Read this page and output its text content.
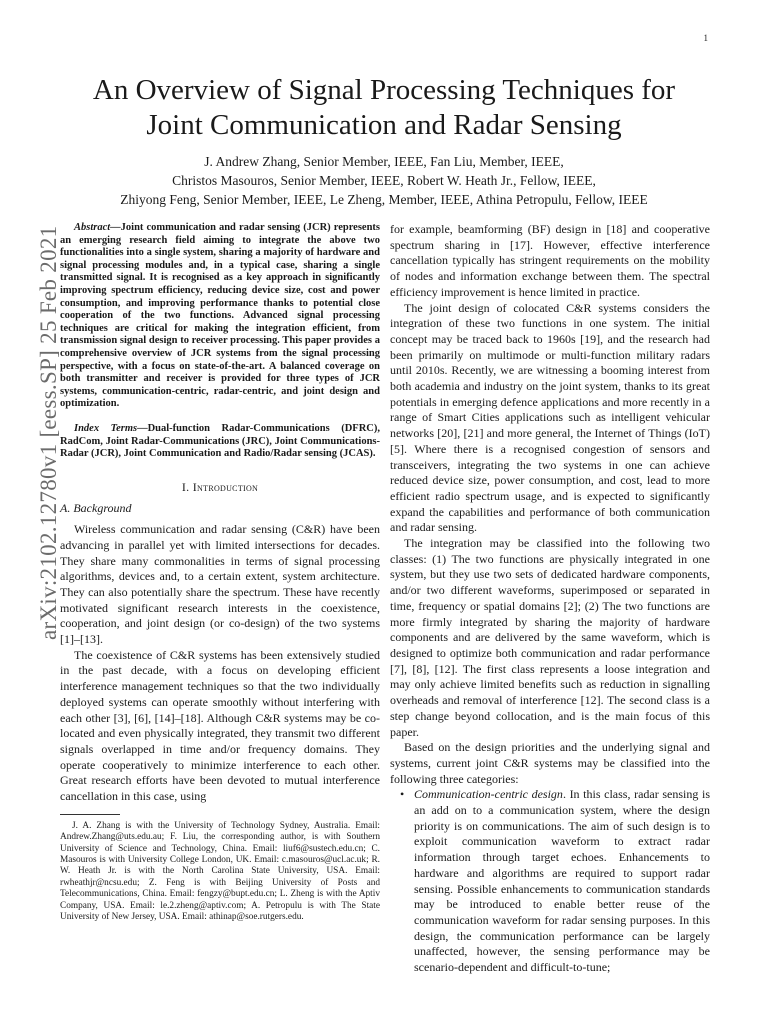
1
arXiv:2102.12780v1 [eess.SP] 25 Feb 2021
An Overview of Signal Processing Techniques for
Joint Communication and Radar Sensing
J. Andrew Zhang, Senior Member, IEEE, Fan Liu, Member, IEEE,
Christos Masouros, Senior Member, IEEE, Robert W. Heath Jr., Fellow, IEEE,
Zhiyong Feng, Senior Member, IEEE, Le Zheng, Member, IEEE, Athina Petropulu, Fellow, IEEE

Abstract—Joint communication and radar sensing (JCR) represents an emerging research field aiming to integrate the above two functionalities into a single system, sharing a majority of hardware and signal processing modules and, in a typical case, sharing a single transmitted signal. It is recognised as a key approach in significantly improving spectrum efficiency, reducing device size, cost and power consumption, and improving performance thanks to potential close cooperation of the two functions. Advanced signal processing techniques are critical for making the integration efficient, from transmission signal design to receiver processing. This paper provides a comprehensive overview of JCR systems from the signal processing perspective, with a focus on state-of-the-art. A balanced coverage on both transmitter and receiver is provided for three types of JCR systems, communication-centric, radar-centric, and joint design and optimization.

Index Terms—Dual-function Radar-Communications (DFRC), RadCom, Joint Radar-Communications (JRC), Joint Communications-Radar (JCR), Joint Communication and Radio/Radar sensing (JCAS).

I. Introduction
A. Background

Wireless communication and radar sensing (C&R) have been advancing in parallel yet with limited intersections for decades. They share many commonalities in terms of signal processing algorithms, devices and, to a certain extent, system architecture. They can also potentially share the spectrum. These have recently motivated significant research interests in the coexistence, cooperation, and joint design (or co-design) of the two systems [1]–[13].

The coexistence of C&R systems has been extensively studied in the past decade, with a focus on developing efficient interference management techniques so that the two individually deployed systems can operate smoothly without interfering with each other [3], [6], [14]–[18]. Although C&R systems may be co-located and even physically integrated, they transmit two different signals overlapped in time and/or frequency domains. They operate cooperatively to minimize interference to each other. Great research efforts have been devoted to mutual interference cancellation in this case, using

J. A. Zhang is with the University of Technology Sydney, Australia. Email: Andrew.Zhang@uts.edu.au; F. Liu, the corresponding author, is with Southern University of Science and Technology, China. Email: liuf6@sustech.edu.cn; C. Masouros is with University College London, UK. Email: c.masouros@ucl.ac.uk; R. W. Heath Jr. is with the North Carolina State University, USA. Email: rwheathjr@ncsu.edu; Z. Feng is with Beijing University of Posts and Telecommunications, China. Email: fengzy@bupt.edu.cn; L. Zheng is with the Aptiv Company, USA. Email: le.2.zheng@aptiv.com; A. Petropulu is with The State University of New Jersey, USA. Email: athinap@soe.rutgers.edu.

for example, beamforming (BF) design in [18] and cooperative spectrum sharing in [17]. However, effective interference cancellation typically has stringent requirements on the mobility of nodes and information exchange between them. The spectral efficiency improvement is hence limited in practice.

The joint design of colocated C&R systems considers the integration of these two functions in one system. The initial concept may be traced back to 1960s [19], and the research had been primarily on multimode or multi-function military radars until 2010s. Recently, we are witnessing a booming interest from both academia and industry on the joint system, thanks to its great potentials in emerging defence applications and more recently in a range of Smart Cities applications such as intelligent vehicular networks [20], [21] and more general, the Internet of Things (IoT) [5]. Where there is a recognised congestion of sensors and transceivers, integrating the two systems in one can achieve reduced device size, power consumption, and cost, lead to more efficient radio spectrum usage, and is expected to significantly expand the capabilities and performance of both communication and radar sensing.

The integration may be classified into the following two classes: (1) The two functions are physically integrated in one system, but they use two sets of dedicated hardware components, and/or two different waveforms, superimposed or separated in time, frequency or spatial domains [2]; (2) The two functions are more firmly integrated by sharing the majority of hardware components and are delivered by the same waveform, which is designed to optimize both communication and radar performance [7], [8], [12]. The first class represents a loose integration and may only achieve limited benefits such as reduction in signalling overheads and removal of interference [12]. The second class is a step change beyond collocation, and is the main focus of this paper.

Based on the design priorities and the underlying signal and systems, current joint C&R systems may be classified into the following three categories:

• Communication-centric design. In this class, radar sensing is an add on to a communication system, where the design priority is on communications. The aim of such design is to exploit communication waveform to extract radar information through target echoes. Enhancements to hardware and algorithms are required to support radar sensing. Possible enhancements to communication standards may be introduced to enable better reuse of the communication waveform for radar sensing purposes. In this design, the communication performance can be largely unaffected, however, the sensing performance may be scenario-dependent and difficult-to-tune;
